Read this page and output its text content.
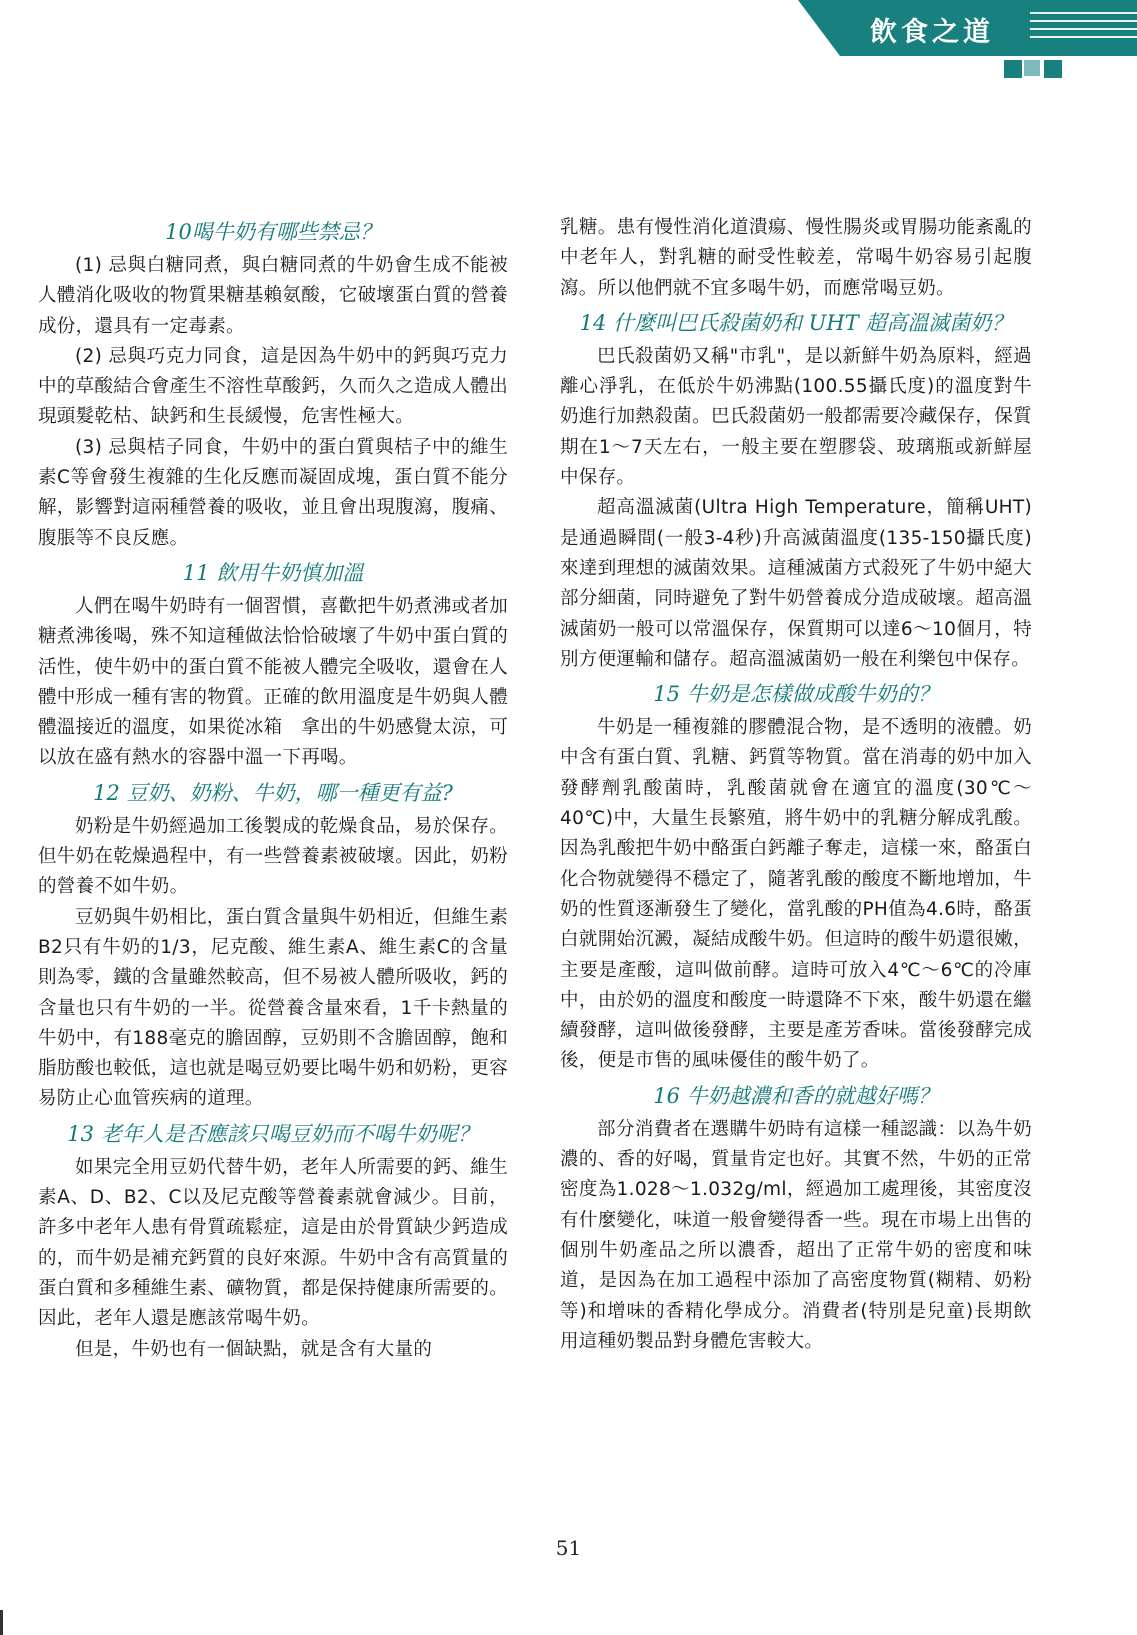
飲食之道
10喝牛奶有哪些禁忌？

(1) 忌與白糖同煮，與白糖同煮的牛奶會生成不能被人體消化吸收的物質果糖基賴氨酸，它破壞蛋白質的營養成份，還具有一定毒素。

(2) 忌與巧克力同食，這是因為牛奶中的鈣與巧克力中的草酸結合會產生不溶性草酸鈣，久而久之造成人體出現頭髮乾枯、缺鈣和生長緩慢，危害性極大。

(3) 忌與桔子同食，牛奶中的蛋白質與桔子中的維生素C等會發生複雜的生化反應而凝固成塊，蛋白質不能分解，影響對這兩種營養的吸收，並且會出現腹瀉，腹痛、腹脹等不良反應。

11 飲用牛奶慎加溫

人們在喝牛奶時有一個習慣，喜歡把牛奶煮沸或者加糖煮沸後喝，殊不知這種做法恰恰破壞了牛奶中蛋白質的活性，使牛奶中的蛋白質不能被人體完全吸收，還會在人體中形成一種有害的物質。正確的飲用溫度是牛奶與人體體溫接近的溫度，如果從冰箱　拿出的牛奶感覺太涼，可以放在盛有熱水的容器中溫一下再喝。

12 豆奶、奶粉、牛奶，哪一種更有益?

奶粉是牛奶經過加工後製成的乾燥食品，易於保存。但牛奶在乾燥過程中，有一些營養素被破壞。因此，奶粉的營養不如牛奶。

豆奶與牛奶相比，蛋白質含量與牛奶相近，但維生素B2只有牛奶的1/3，尼克酸、維生素A、維生素C的含量則為零，鐵的含量雖然較高，但不易被人體所吸收，鈣的含量也只有牛奶的一半。從營養含量來看，1千卡熱量的牛奶中，有188毫克的膽固醇，豆奶則不含膽固醇，飽和脂肪酸也較低，這也就是喝豆奶要比喝牛奶和奶粉，更容易防止心血管疾病的道理。

13 老年人是否應該只喝豆奶而不喝牛奶呢？

如果完全用豆奶代替牛奶，老年人所需要的鈣、維生素A、D、B2、C以及尼克酸等營養素就會減少。目前，許多中老年人患有骨質疏鬆症，這是由於骨質缺少鈣造成的，而牛奶是補充鈣質的良好來源。牛奶中含有高質量的蛋白質和多種維生素、礦物質，都是保持健康所需要的。因此，老年人還是應該常喝牛奶。

但是，牛奶也有一個缺點，就是含有大量的

乳糖。患有慢性消化道潰瘍、慢性腸炎或胃腸功能紊亂的中老年人，對乳糖的耐受性較差，常喝牛奶容易引起腹瀉。所以他們就不宜多喝牛奶，而應常喝豆奶。

14 什麼叫巴氏殺菌奶和 UHT 超高溫滅菌奶？

巴氏殺菌奶又稱"市乳"，是以新鮮牛奶為原料，經過離心淨乳，在低於牛奶沸點(100.55攝氏度)的溫度對牛奶進行加熱殺菌。巴氏殺菌奶一般都需要冷藏保存，保質期在1～7天左右，一般主要在塑膠袋、玻璃瓶或新鮮屋中保存。

超高溫滅菌(Ultra High Temperature，簡稱UHT)是通過瞬間(一般3-4秒)升高滅菌溫度(135-150攝氏度)來達到理想的滅菌效果。這種滅菌方式殺死了牛奶中絕大部分細菌，同時避免了對牛奶營養成分造成破壞。超高溫滅菌奶一般可以常溫保存，保質期可以達6～10個月，特別方便運輸和儲存。超高溫滅菌奶一般在利樂包中保存。

15 牛奶是怎樣做成酸牛奶的？

牛奶是一種複雜的膠體混合物，是不透明的液體。奶中含有蛋白質、乳糖、鈣質等物質。當在消毒的奶中加入發酵劑乳酸菌時，乳酸菌就會在適宜的溫度(30℃～40℃)中，大量生長繁殖，將牛奶中的乳糖分解成乳酸。因為乳酸把牛奶中酪蛋白鈣離子奪走，這樣一來，酪蛋白化合物就變得不穩定了，隨著乳酸的酸度不斷地增加，牛奶的性質逐漸發生了變化，當乳酸的PH值為4.6時，酪蛋白就開始沉澱，凝結成酸牛奶。但這時的酸牛奶還很嫩，主要是產酸，這叫做前酵。這時可放入4℃～6℃的冷庫中，由於奶的溫度和酸度一時還降不下來，酸牛奶還在繼續發酵，這叫做後發酵，主要是產芳香味。當後發酵完成後，便是市售的風味優佳的酸牛奶了。

16 牛奶越濃和香的就越好嗎？

部分消費者在選購牛奶時有這樣一種認識：以為牛奶濃的、香的好喝，質量肯定也好。其實不然，牛奶的正常密度為1.028～1.032g/ml，經過加工處理後，其密度沒有什麼變化，味道一般會變得香一些。現在市場上出售的個別牛奶產品之所以濃香，超出了正常牛奶的密度和味道，是因為在加工過程中添加了高密度物質(糊精、奶粉等)和增味的香精化學成分。消費者(特別是兒童)長期飲用這種奶製品對身體危害較大。

51
